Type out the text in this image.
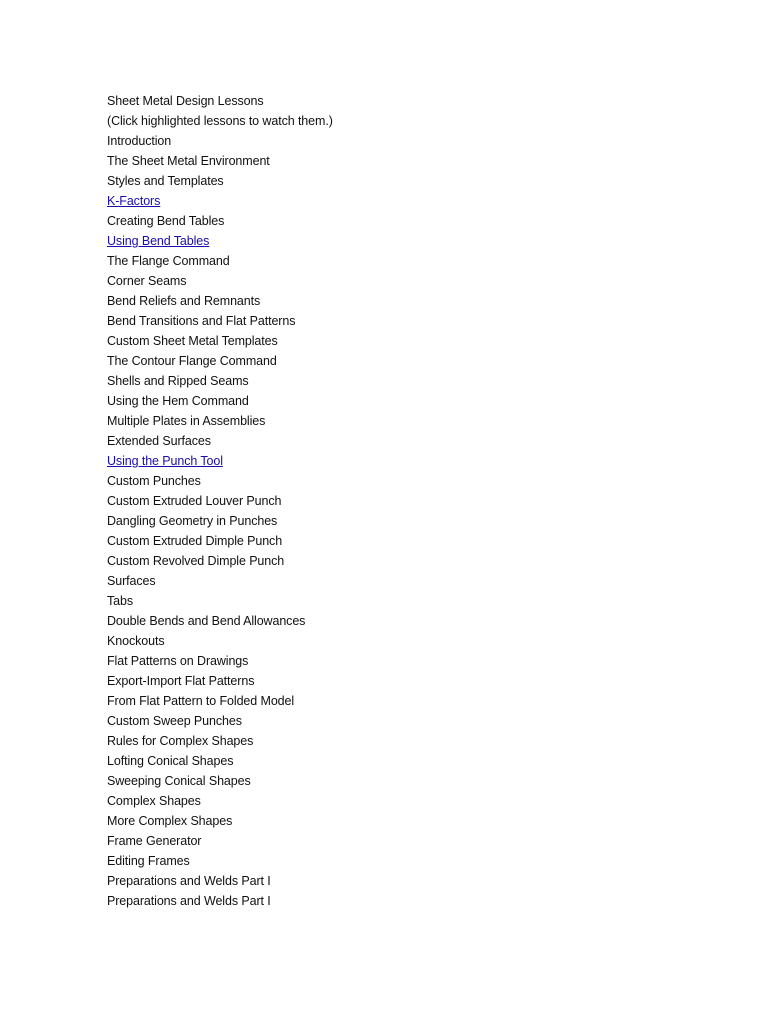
Sheet Metal Design Lessons
(Click highlighted lessons to watch them.)
Introduction
The Sheet Metal Environment
Styles and Templates
K-Factors
Creating Bend Tables
Using Bend Tables
The Flange Command
Corner Seams
Bend Reliefs and Remnants
Bend Transitions and Flat Patterns
Custom Sheet Metal Templates
The Contour Flange Command
Shells and Ripped Seams
Using the Hem Command
Multiple Plates in Assemblies
Extended Surfaces
Using the Punch Tool
Custom Punches
Custom Extruded Louver Punch
Dangling Geometry in Punches
Custom Extruded Dimple Punch
Custom Revolved Dimple Punch
Surfaces
Tabs
Double Bends and Bend Allowances
Knockouts
Flat Patterns on Drawings
Export-Import Flat Patterns
From Flat Pattern to Folded Model
Custom Sweep Punches
Rules for Complex Shapes
Lofting Conical Shapes
Sweeping Conical Shapes
Complex Shapes
More Complex Shapes
Frame Generator
Editing Frames
Preparations and Welds Part I
Preparations and Welds Part I
